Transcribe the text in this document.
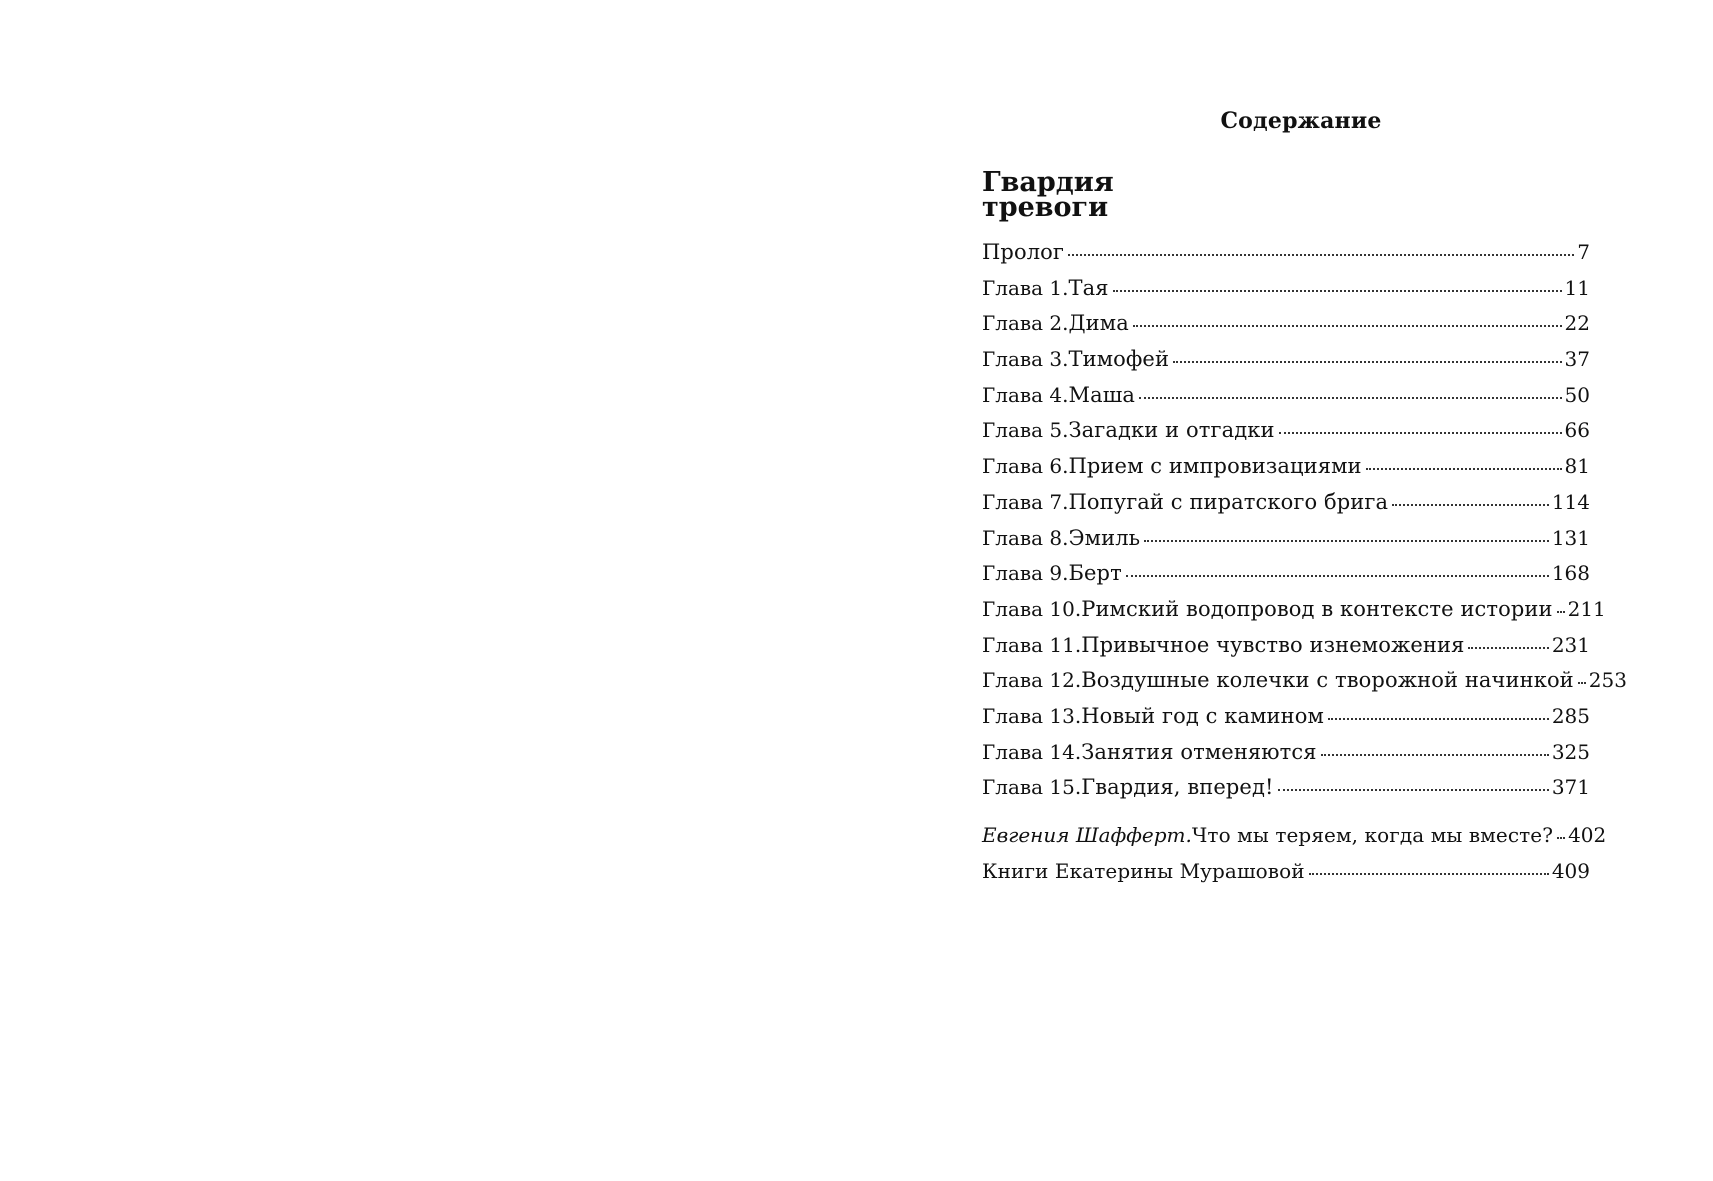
Содержание
Гвардия
тревоги
Пролог	7
Глава 1. Тая	11
Глава 2. Дима	22
Глава 3. Тимофей	37
Глава 4. Маша	50
Глава 5. Загадки и отгадки	66
Глава 6. Прием с импровизациями	81
Глава 7. Попугай с пиратского брига	114
Глава 8. Эмиль	131
Глава 9. Берт	168
Глава 10. Римский водопровод в контексте истории 211
Глава 11. Привычное чувство изнеможения	231
Глава 12. Воздушные колечки с творожной начинкой 253
Глава 13. Новый год с камином	285
Глава 14. Занятия отменяются	325
Глава 15. Гвардия, вперед!	371
Евгения Шафферт. Что мы теряем, когда мы вместе? 402
Книги Екатерины Мурашовой	409
